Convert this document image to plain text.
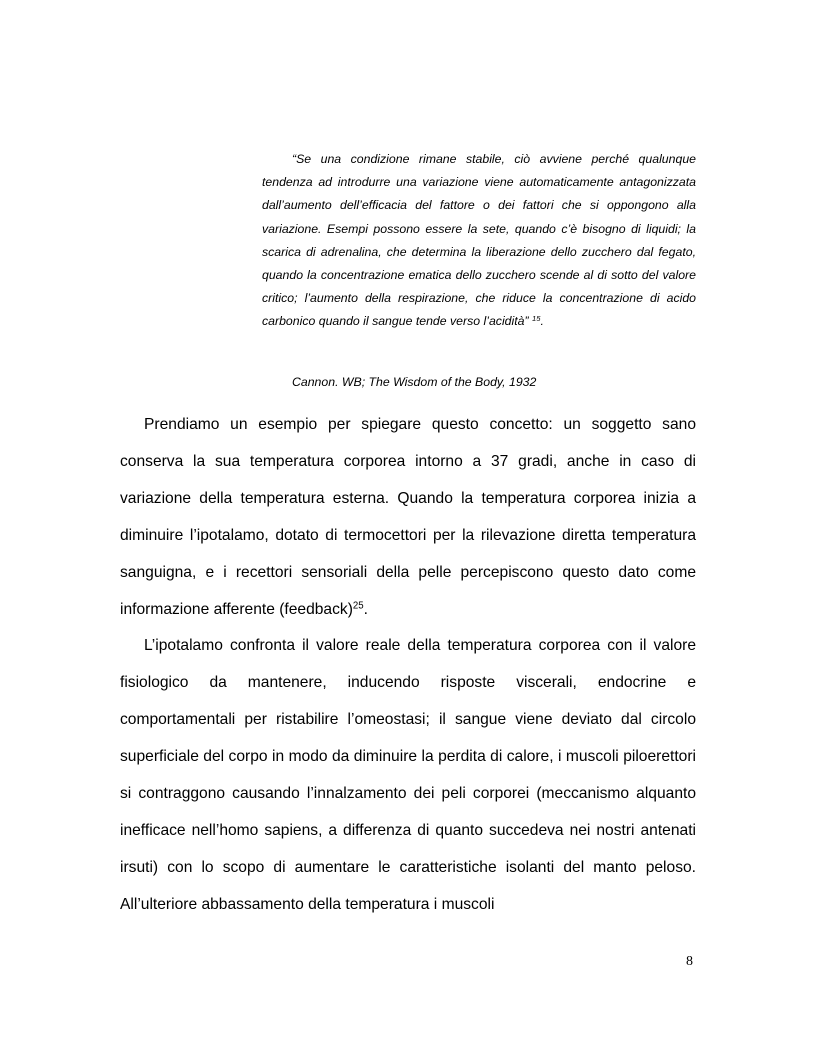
“Se una condizione rimane stabile, ciò avviene perché qualunque tendenza ad introdurre una variazione viene automaticamente antagonizzata dall’aumento dell’efficacia del fattore o dei fattori che si oppongono alla variazione. Esempi possono essere la sete, quando c’è bisogno di liquidi; la scarica di adrenalina, che determina la liberazione dello zucchero dal fegato, quando la concentrazione ematica dello zucchero scende al di sotto del valore critico; l’aumento della respirazione, che riduce la concentrazione di acido carbonico quando il sangue tende verso l’acidità” $^{15}$.

Cannon. WB; The Wisdom of the Body, 1932

Prendiamo un esempio per spiegare questo concetto: un soggetto sano conserva la sua temperatura corporea intorno a 37 gradi, anche in caso di variazione della temperatura esterna. Quando la temperatura corporea inizia a diminuire l’ipotalamo, dotato di termocettori per la rilevazione diretta temperatura sanguigna, e i recettori sensoriali della pelle percepiscono questo dato come informazione afferente (feedback)$^{25}$.

L’ipotalamo confronta il valore reale della temperatura corporea con il valore fisiologico da mantenere, inducendo risposte viscerali, endocrine e comportamentali per ristabilire l’omeostasi; il sangue viene deviato dal circolo superficiale del corpo in modo da diminuire la perdita di calore, i muscoli piloerettori si contraggono causando l’innalzamento dei peli corporei (meccanismo alquanto inefficace nell’homo sapiens, a differenza di quanto succedeva nei nostri antenati irsuti) con lo scopo di aumentare le caratteristiche isolanti del manto peloso. All’ulteriore abbassamento della temperatura i muscoli

8
